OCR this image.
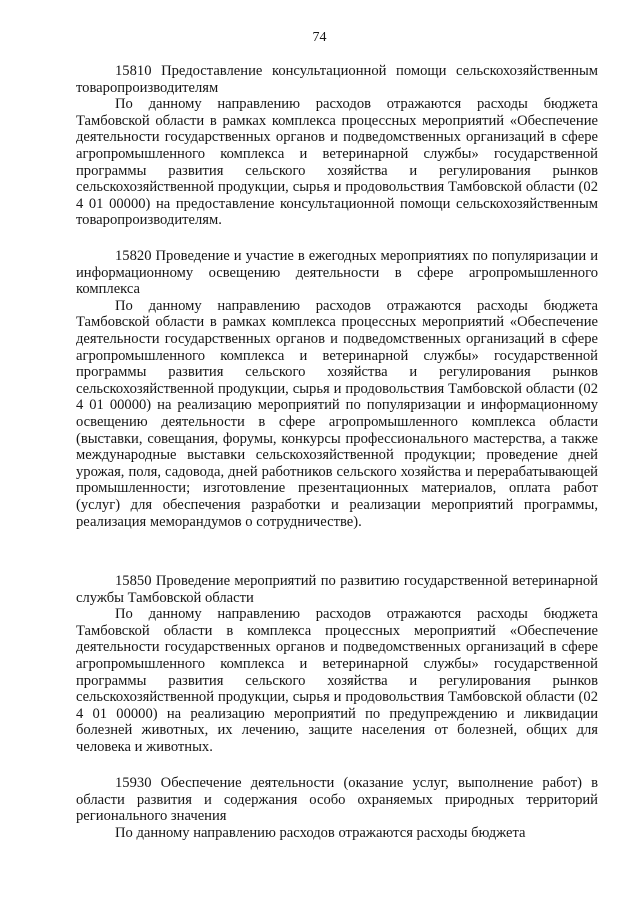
74

15810 Предоставление консультационной помощи сельскохозяйственным товаропроизводителям

По данному направлению расходов отражаются расходы бюджета Тамбовской области в рамках комплекса процессных мероприятий «Обеспечение деятельности государственных органов и подведомственных организаций в сфере агропромышленного комплекса и ветеринарной службы» государственной программы развития сельского хозяйства и регулирования рынков сельскохозяйственной продукции, сырья и продовольствия Тамбовской области (02 4 01 00000) на предоставление консультационной помощи сельскохозяйственным товаропроизводителям.

15820 Проведение и участие в ежегодных мероприятиях по популяризации и информационному освещению деятельности в сфере агропромышленного комплекса

По данному направлению расходов отражаются расходы бюджета Тамбовской области в рамках комплекса процессных мероприятий «Обеспечение деятельности государственных органов и подведомственных организаций в сфере агропромышленного комплекса и ветеринарной службы» государственной программы развития сельского хозяйства и регулирования рынков сельскохозяйственной продукции, сырья и продовольствия Тамбовской области (02 4 01 00000) на реализацию мероприятий по популяризации и информационному освещению деятельности в сфере агропромышленного комплекса области (выставки, совещания, форумы, конкурсы профессионального мастерства, а также международные выставки сельскохозяйственной продукции; проведение дней урожая, поля, садовода, дней работников сельского хозяйства и перерабатывающей промышленности; изготовление презентационных материалов, оплата работ (услуг) для обеспечения разработки и реализации мероприятий программы, реализация меморандумов о сотрудничестве).

15850 Проведение мероприятий по развитию государственной ветеринарной службы Тамбовской области

По данному направлению расходов отражаются расходы бюджета Тамбовской области в комплекса процессных мероприятий «Обеспечение деятельности государственных органов и подведомственных организаций в сфере агропромышленного комплекса и ветеринарной службы» государственной программы развития сельского хозяйства и регулирования рынков сельскохозяйственной продукции, сырья и продовольствия Тамбовской области (02 4 01 00000) на реализацию мероприятий по предупреждению и ликвидации болезней животных, их лечению, защите населения от болезней, общих для человека и животных.

15930 Обеспечение деятельности (оказание услуг, выполнение работ) в области развития и содержания особо охраняемых природных территорий регионального значения

По данному направлению расходов отражаются расходы бюджета
